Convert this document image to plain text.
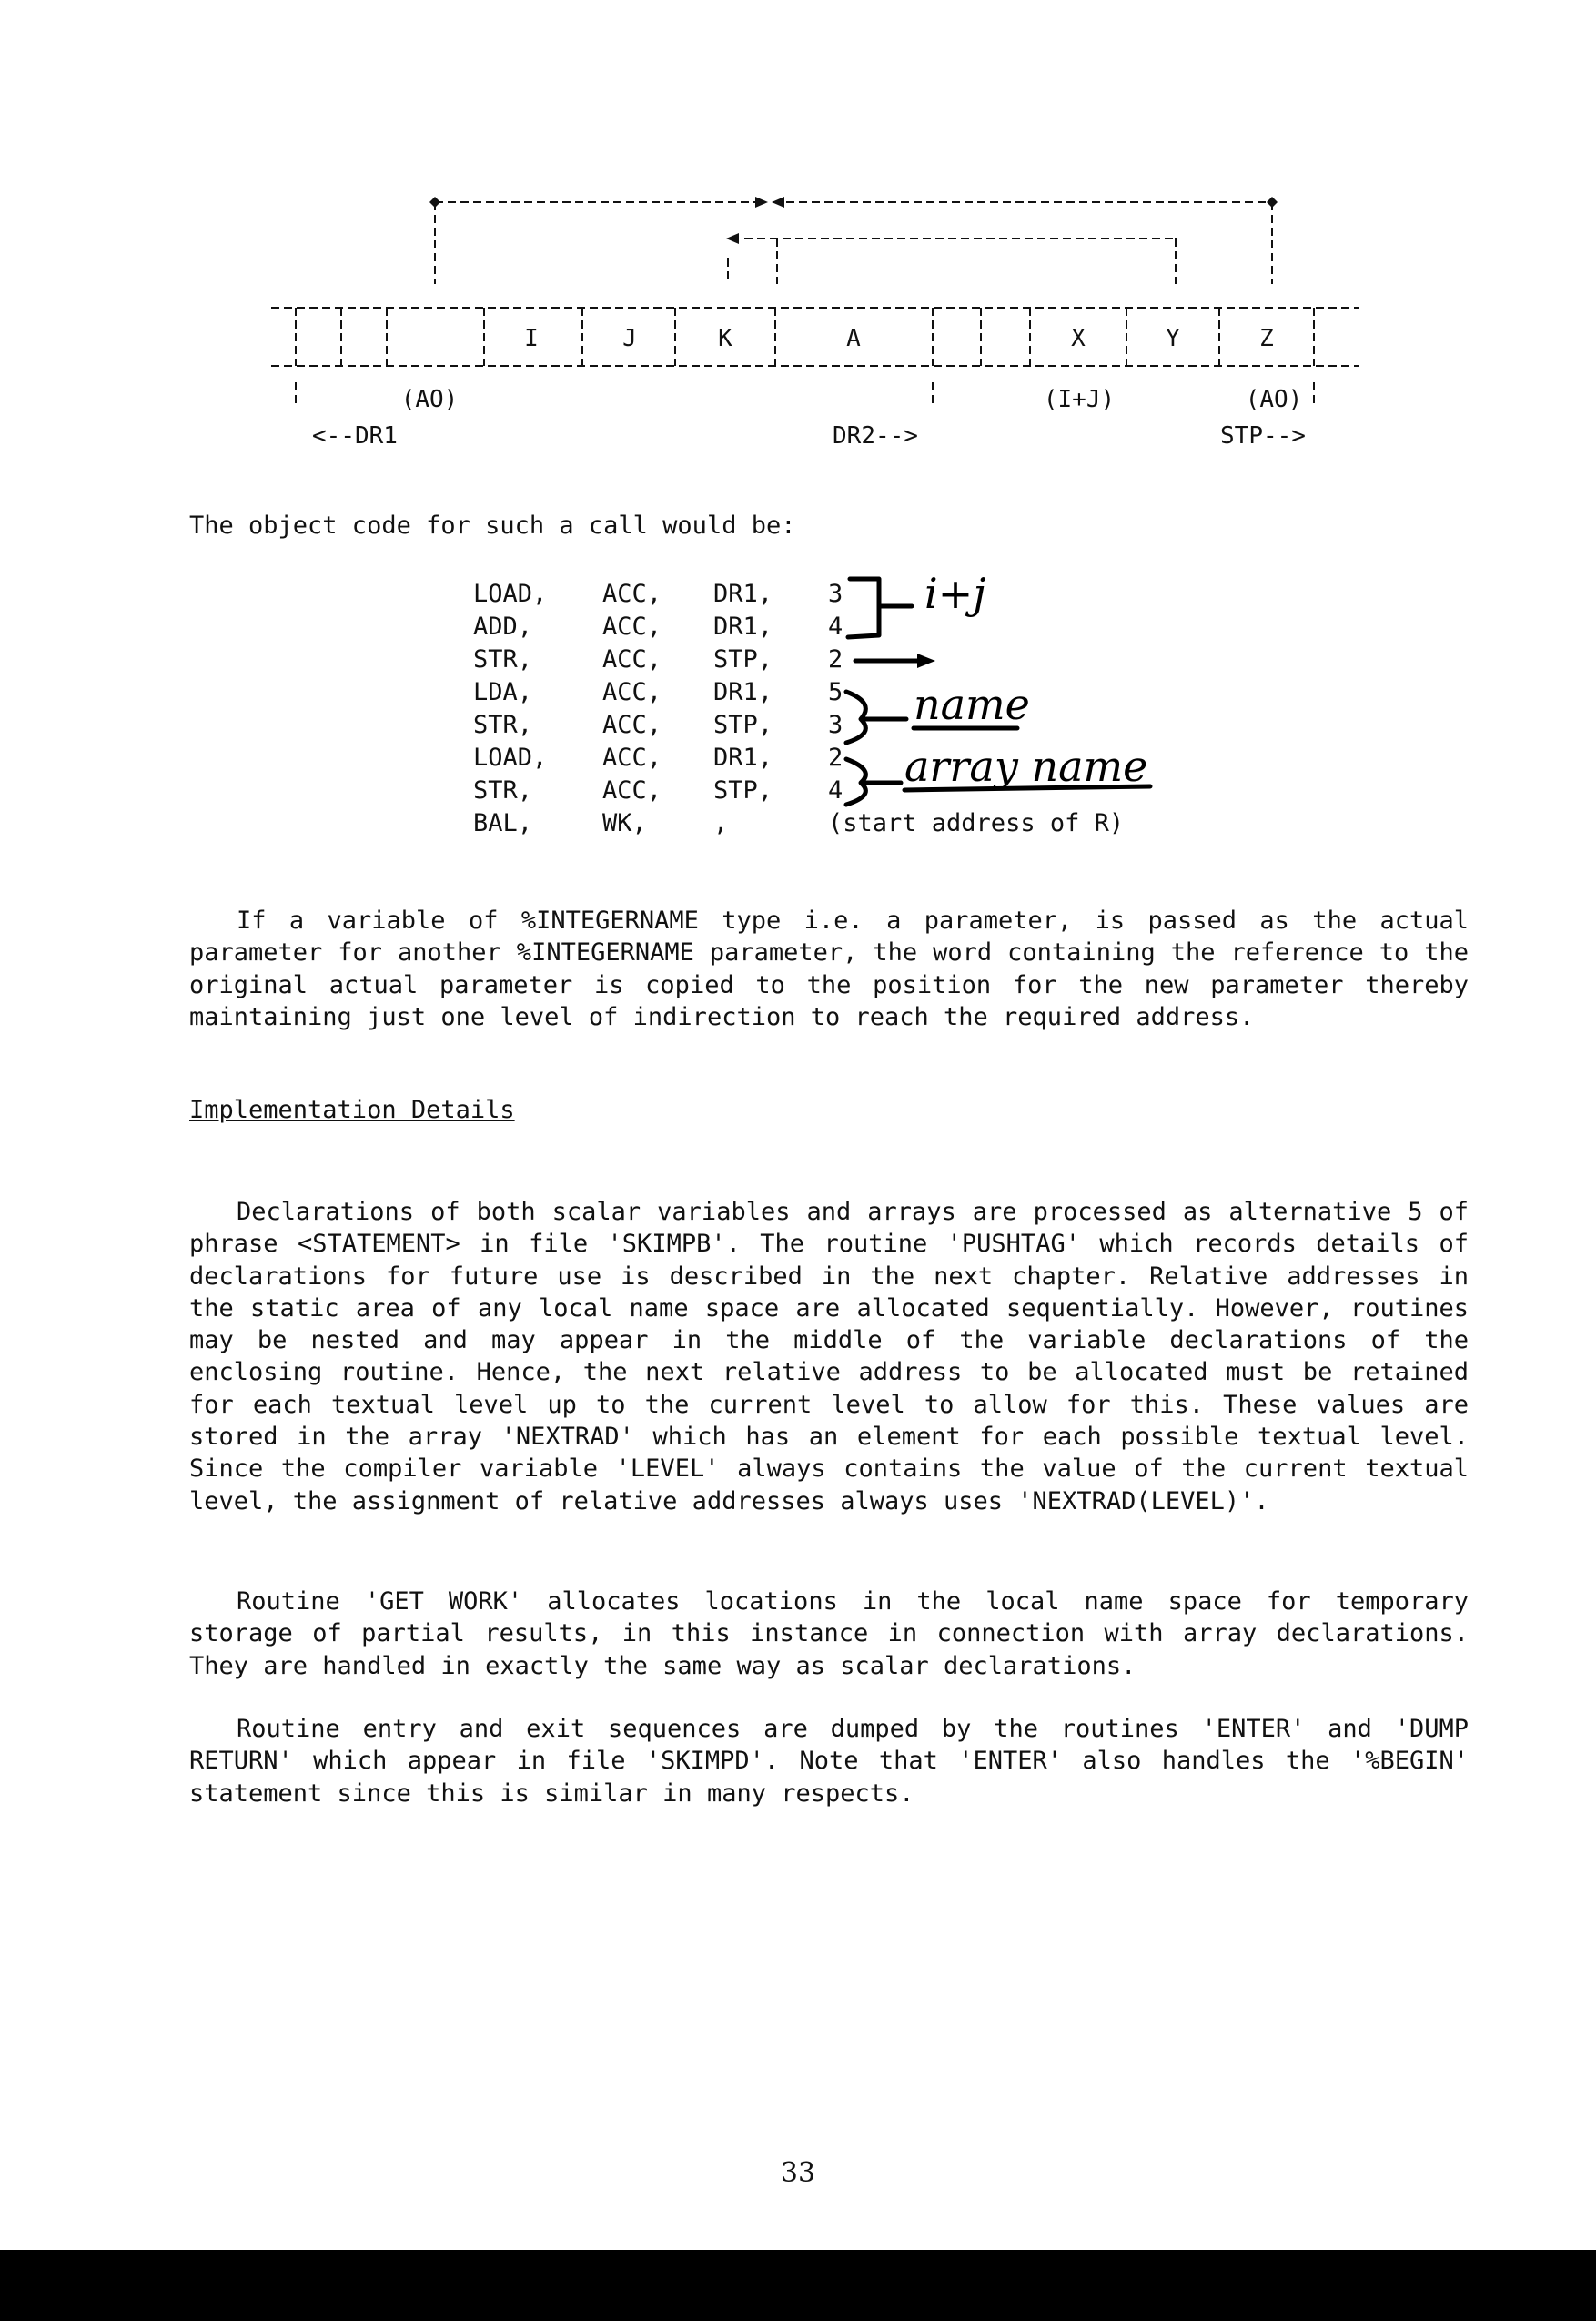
I	J	K	A	X	Y	Z
(AO)
<--DR1	DR2-->
(I+J)	(AO)
STP-->
The object code for such a call would be:
LOAD,	ACC,	DR1,	3
ADD,	ACC,	DR1,	4
STR,	ACC,	STP,	2
LDA,	ACC,	DR1,	5
STR,	ACC,	STP,	3
LOAD,	ACC,	DR1,	2
STR,	ACC,	STP,	4
BAL,	WK,	,	(start address of R)
i+j
name
array name
If a variable of %INTEGERNAME type i.e. a parameter, is passed as the actual parameter for another %INTEGERNAME parameter, the word containing the reference to the original actual parameter is copied to the position for the new parameter thereby maintaining just one level of indirection to reach the required address.
Implementation Details
Declarations of both scalar variables and arrays are processed as alternative 5 of phrase <STATEMENT> in file 'SKIMPB'. The routine 'PUSHTAG' which records details of declarations for future use is described in the next chapter. Relative addresses in the static area of any local name space are allocated sequentially. However, routines may be nested and may appear in the middle of the variable declarations of the enclosing routine. Hence, the next relative address to be allocated must be retained for each textual level up to the current level to allow for this. These values are stored in the array 'NEXTRAD' which has an element for each possible textual level. Since the compiler variable 'LEVEL' always contains the value of the current textual level, the assignment of relative addresses always uses 'NEXTRAD(LEVEL)'.
Routine 'GET WORK' allocates locations in the local name space for temporary storage of partial results, in this instance in connection with array declarations. They are handled in exactly the same way as scalar declarations.
Routine entry and exit sequences are dumped by the routines 'ENTER' and 'DUMP RETURN' which appear in file 'SKIMPD'. Note that 'ENTER' also handles the '%BEGIN' statement since this is similar in many respects.
33
